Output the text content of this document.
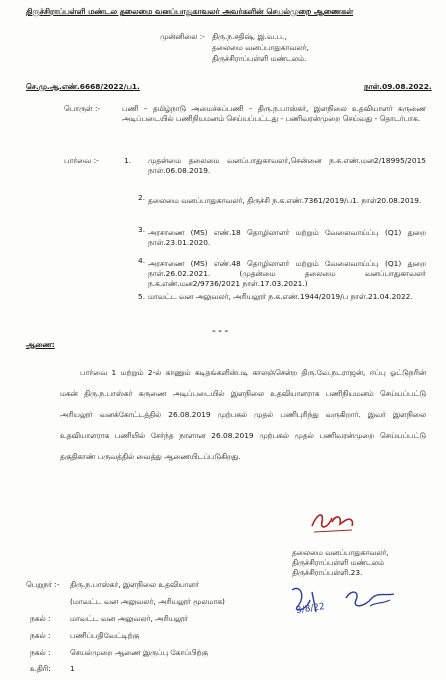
திருச்சிராப்பள்ளி மண்டல தலைமை வனப்பாதுகாவலர் அவர்களின் செயல்முறை ஆணைகள்
முன்னிலை :- திரு.ந.சதிஷ், இ.வ.ப.,
தலைமை வனப்பாதுகாவலர்,
திருச்சிராப்பள்ளி மண்டலம்.
செ.மு.ஆ.எண்.6668/2022/ப1.	நாள்.09.08.2022.
பொருள் :-	பணி – தமிழ்நாடு அமைச்சுப்பணி – திரு.ந.பாஸ்கர், இளநிலை உதவியாளர் கருணை அடிப்படையில் பணிநியமனம் செய்யப்பட்டது - பணிவரன்முறை செய்வது - தொடர்பாக.
பார்வை :-	1. முதன்மை தலைமை வனப்பாதுகாவலர்,சென்னை ந.க.எண்.மன2/18995/2015 நாள்.06.08.2019.
2. தலைமை வனப்பாதுகாவலர், திருச்சி ந.க.எண்.7361/2019/ப1. நாள்20.08.2019.
3. அரசாணை (MS) எண்.18 தொழிலாளர் மற்றும் வேலைவாய்ப்பு (Q1) துறை நாள்.23.01.2020.
4. அரசாணை (MS) எண்.48 தொழிலாளர் மற்றும் வேலைவாய்ப்பு (Q1) துறை நாள்.26.02.2021. (முதன்மை தலைமை வனப்பாதுகாவலர் ந.க.எண்.மன2/9736/2021 நாள்.17.03.2021.)
5. மாவட்ட வன அலுவலர், அரியலூர் ந.க.எண்.1944/2019/ப நாள்.21.04.2022.
– – –
ஆணை:
பார்வை 1 மற்றும் 2-ல் காணும் கடிதங்களின்படி காலஞ்சென்ற திரு.வே.நடராஜன், ஈப்பு ஓட்டுநரின் மகன் திரு.ந.பாஸ்கர் கருணை அடிப்படையில் இளநிலை உதவியாளராக பணிநியமனம் செய்யப்பட்டு அரியலூர் வனக்கோட்டத்தில் 26.08.2019 முற்பகல் முதல் பணிபுரிந்து வருகிறார். இவர் இளநிலை உதவியாளராக பணியில் சேர்ந்த நாளான 26.08.2019 முற்பகல் முதல் பணிவரன்முறை செய்யப்பட்டு தகுதிகாண் பருவத்தில் வைத்து ஆணையிடப்படுகிறது.
தலைமை வனப்பாதுகாவலர்,
திருச்சிராப்பள்ளி மண்டலம்
திருச்சிராப்பள்ளி.23.
3/8/22
பெறுநர் :- திரு.ந.பாஸ்கர், இளநிலை உதவியாளர்
(மாவட்ட வன அலுவலர், அரியலூர் மூலமாக)
நகல் :	மாவட்ட வன அலுவலர், அரியலூர்
நகல் :	பணிப்பதிவேட்டிற்கு
நகல் :	செயல்முறை ஆணை இருப்பு கோப்பிற்கு
உதிரி:	1
